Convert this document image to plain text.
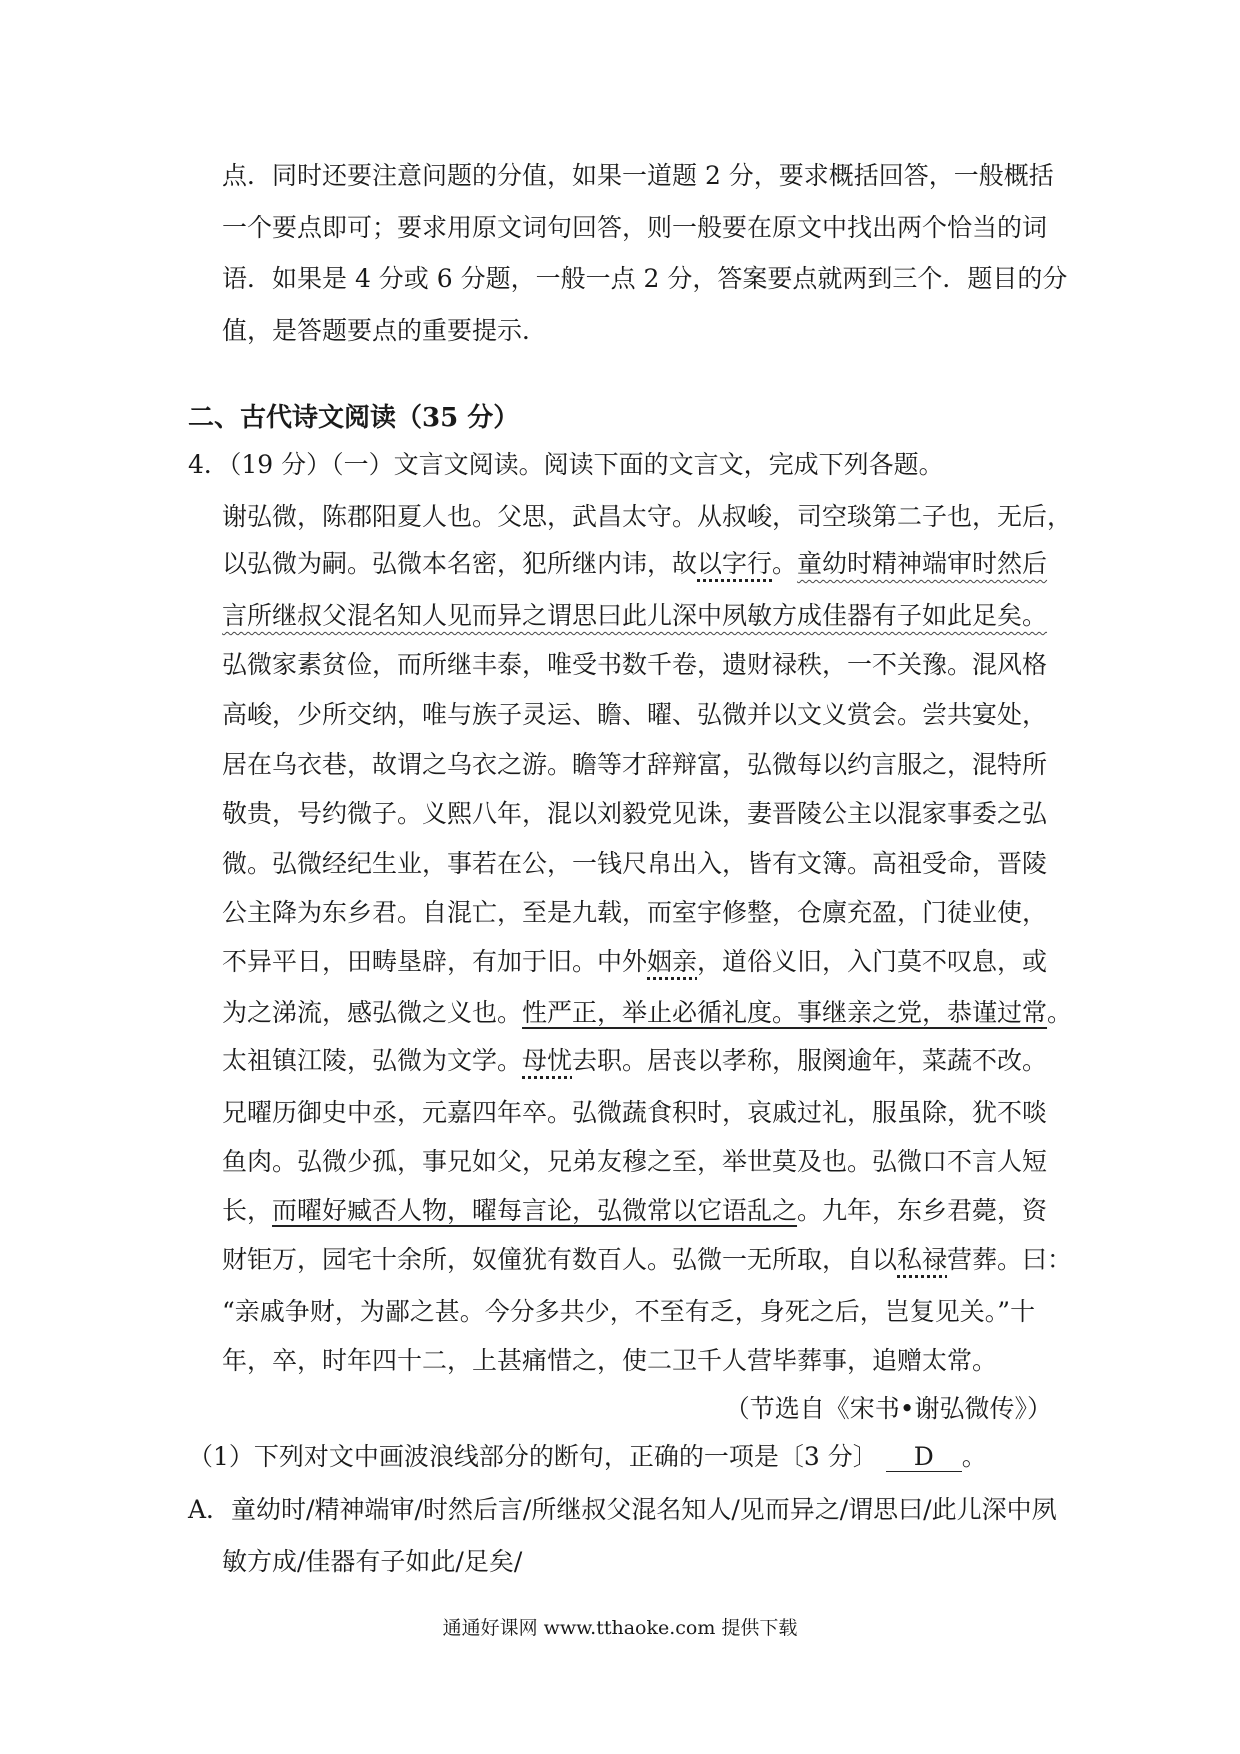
点．同时还要注意问题的分值，如果一道题 2 分，要求概括回答，一般概括
一个要点即可；要求用原文词句回答，则一般要在原文中找出两个恰当的词
语．如果是 4 分或 6 分题，一般一点 2 分，答案要点就两到三个．题目的分
值，是答题要点的重要提示．
二、古代诗文阅读（35 分）
4．（19 分）（一）文言文阅读。阅读下面的文言文，完成下列各题。
谢弘微，陈郡阳夏人也。父思，武昌太守。从叔峻，司空琰第二子也，无后，
以弘微为嗣。弘微本名密，犯所继内讳，故以字行。童幼时精神端审时然后
言所继叔父混名知人见而异之谓思曰此儿深中夙敏方成佳器有子如此足矣。
弘微家素贫俭，而所继丰泰，唯受书数千卷，遗财禄秩，一不关豫。混风格
高峻，少所交纳，唯与族子灵运、瞻、曜、弘微并以文义赏会。尝共宴处，
居在乌衣巷，故谓之乌衣之游。瞻等才辞辩富，弘微每以约言服之，混特所
敬贵，号约微子。义熙八年，混以刘毅党见诛，妻晋陵公主以混家事委之弘
微。弘微经纪生业，事若在公，一钱尺帛出入，皆有文簿。高祖受命，晋陵
公主降为东乡君。自混亡，至是九载，而室宇修整，仓廪充盈，门徒业使，
不异平日，田畴垦辟，有加于旧。中外姻亲，道俗义旧，入门莫不叹息，或
为之涕流，感弘微之义也。性严正，举止必循礼度。事继亲之党，恭谨过常。
太祖镇江陵，弘微为文学。母忧去职。居丧以孝称，服阕逾年，菜蔬不改。
兄曜历御史中丞，元嘉四年卒。弘微蔬食积时，哀戚过礼，服虽除，犹不啖
鱼肉。弘微少孤，事兄如父，兄弟友穆之至，举世莫及也。弘微口不言人短
长，而曜好臧否人物，曜每言论，弘微常以它语乱之。九年，东乡君薨，资
财钜万，园宅十余所，奴僮犹有数百人。弘微一无所取，自以私禄营葬。曰：
“亲戚争财，为鄙之甚。今分多共少，不至有乏，身死之后，岂复见关。”十
年，卒，时年四十二，上甚痛惜之，使二卫千人营毕葬事，追赠太常。
（节选自《宋书•谢弘微传》）
（1）下列对文中画波浪线部分的断句，正确的一项是〔3 分〕 D 。
A．童幼时/精神端审/时然后言/所继叔父混名知人/见而异之/谓思曰/此儿深中夙
敏方成/佳器有子如此/足矣/
通通好课网 www.tthaoke.com 提供下载
